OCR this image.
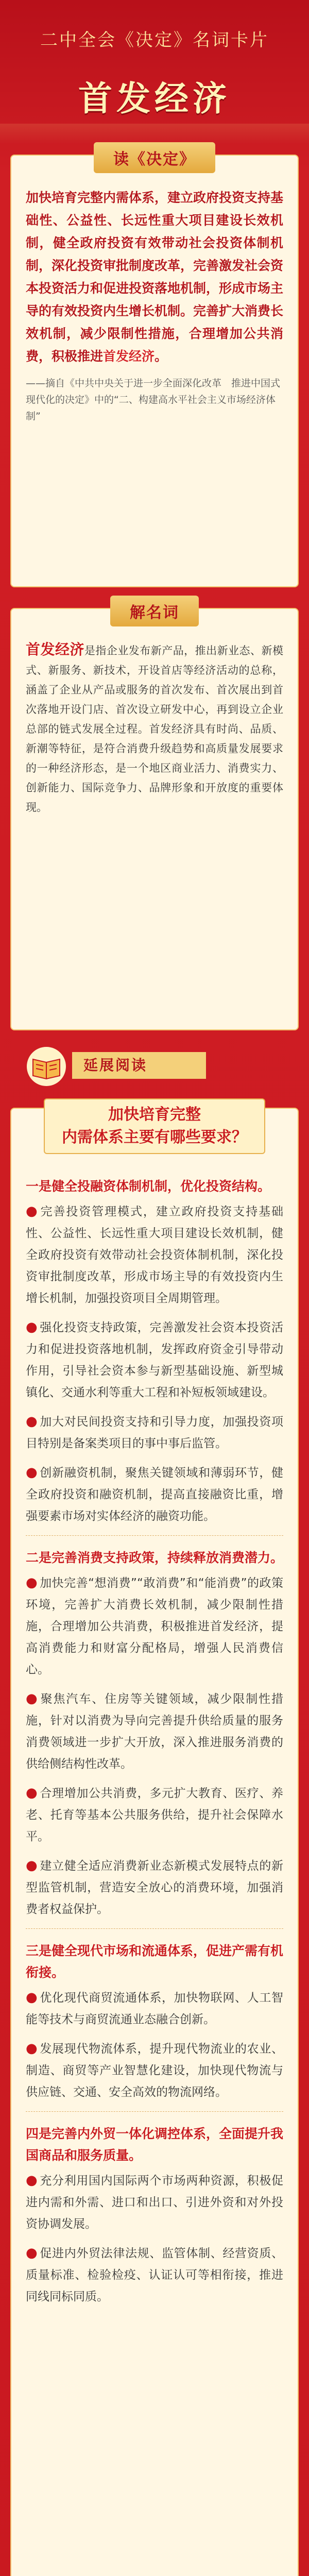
二中全会《决定》名词卡片
首发经济
读《决定》

加快培育完整内需体系，建立政府投资支持基础性、公益性、长远性重大项目建设长效机制，健全政府投资有效带动社会投资体制机制，深化投资审批制度改革，完善激发社会资本投资活力和促进投资落地机制，形成市场主导的有效投资内生增长机制。完善扩大消费长效机制，减少限制性措施，合理增加公共消费，积极推进首发经济。

——摘自《中共中央关于进一步全面深化改革　推进中国式现代化的决定》中的“二、构建高水平社会主义市场经济体制”

解名词

首发经济是指企业发布新产品，推出新业态、新模式、新服务、新技术，开设首店等经济活动的总称，涵盖了企业从产品或服务的首次发布、首次展出到首次落地开设门店、首次设立研发中心，再到设立企业总部的链式发展全过程。首发经济具有时尚、品质、新潮等特征，是符合消费升级趋势和高质量发展要求的一种经济形态，是一个地区商业活力、消费实力、创新能力、国际竞争力、品牌形象和开放度的重要体现。

延展阅读
加快培育完整
内需体系主要有哪些要求？
一是健全投融资体制机制，优化投资结构。

● 完善投资管理模式，建立政府投资支持基础性、公益性、长远性重大项目建设长效机制，健全政府投资有效带动社会投资体制机制，深化投资审批制度改革，形成市场主导的有效投资内生增长机制，加强投资项目全周期管理。

● 强化投资支持政策，完善激发社会资本投资活力和促进投资落地机制，发挥政府资金引导带动作用，引导社会资本参与新型基础设施、新型城镇化、交通水利等重大工程和补短板领域建设。

● 加大对民间投资支持和引导力度，加强投资项目特别是备案类项目的事中事后监管。

● 创新融资机制，聚焦关键领域和薄弱环节，健全政府投资和融资机制，提高直接融资比重，增强要素市场对实体经济的融资功能。

二是完善消费支持政策，持续释放消费潜力。

● 加快完善“想消费”“敢消费”和“能消费”的政策环境，完善扩大消费长效机制，减少限制性措施，合理增加公共消费，积极推进首发经济，提高消费能力和财富分配格局，增强人民消费信心。

● 聚焦汽车、住房等关键领域，减少限制性措施，针对以消费为导向完善提升供给质量的服务消费领域进一步扩大开放，深入推进服务消费的供给侧结构性改革。

● 合理增加公共消费，多元扩大教育、医疗、养老、托育等基本公共服务供给，提升社会保障水平。

● 建立健全适应消费新业态新模式发展特点的新型监管机制，营造安全放心的消费环境，加强消费者权益保护。

三是健全现代市场和流通体系，促进产需有机衔接。

● 优化现代商贸流通体系，加快物联网、人工智能等技术与商贸流通业态融合创新。

● 发展现代物流体系，提升现代物流业的农业、制造、商贸等产业智慧化建设，加快现代物流与供应链、交通、安全高效的物流网络。

四是完善内外贸一体化调控体系，全面提升我国商品和服务质量。

● 充分利用国内国际两个市场两种资源，积极促进内需和外需、进口和出口、引进外资和对外投资协调发展。

● 促进内外贸法律法规、监管体制、经营资质、质量标准、检验检疫、认证认可等相衔接，推进同线同标同质。
